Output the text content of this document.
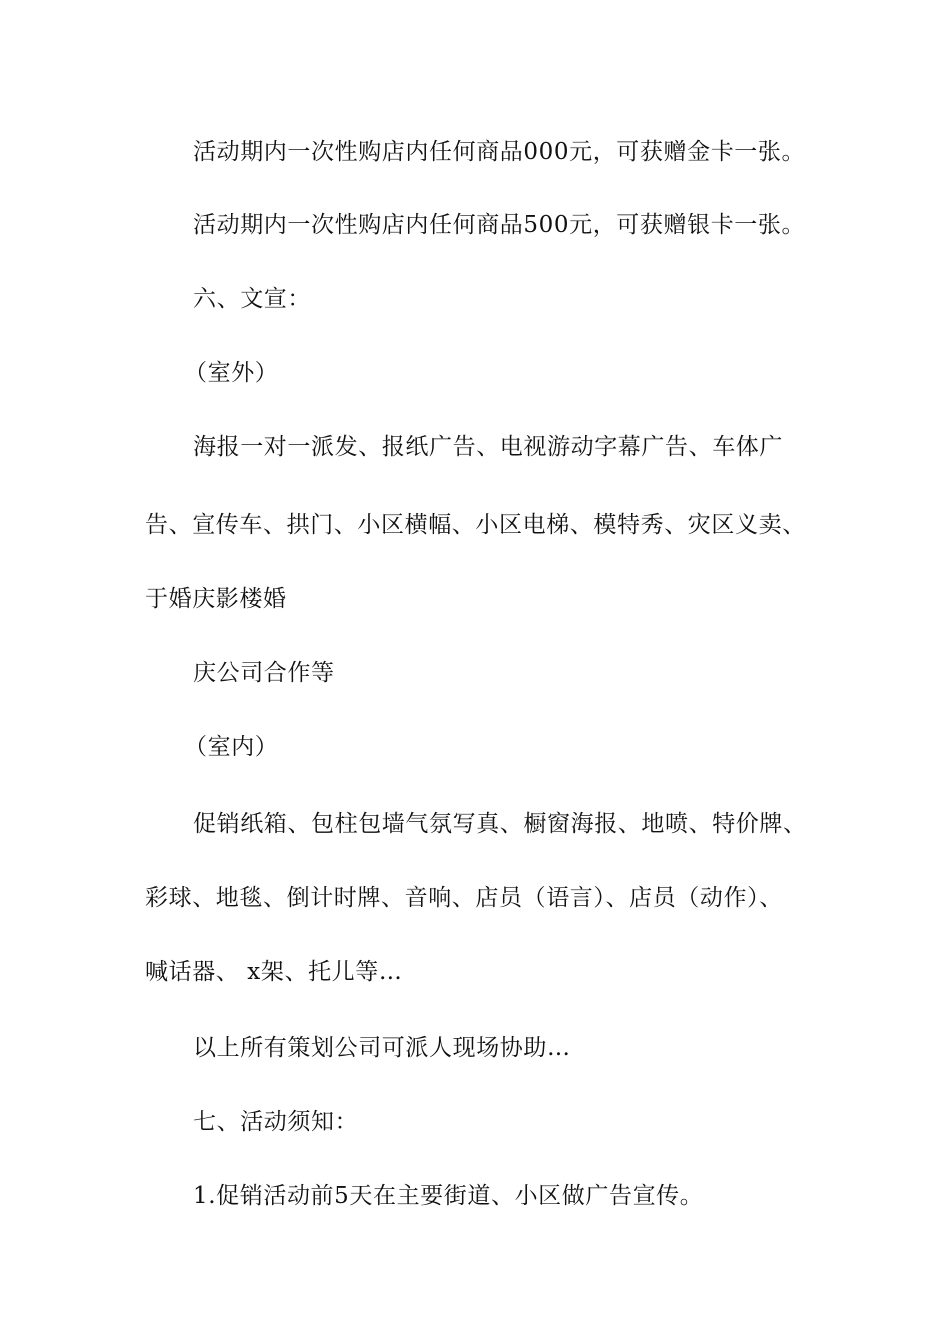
活动期内一次性购店内任何商品000元，可获赠金卡一张。
活动期内一次性购店内任何商品500元，可获赠银卡一张。
六、文宣：
（室外）
海报一对一派发、报纸广告、电视游动字幕广告、车体广
告、宣传车、拱门、小区横幅、小区电梯、模特秀、灾区义卖、
于婚庆影楼婚
庆公司合作等
（室内）
促销纸箱、包柱包墙气氛写真、橱窗海报、地喷、特价牌、
彩球、地毯、倒计时牌、音响、店员（语言）、店员（动作）、
喊话器、 x架、托儿等…
以上所有策划公司可派人现场协助…
七、活动须知：
1.促销活动前5天在主要街道、小区做广告宣传。
